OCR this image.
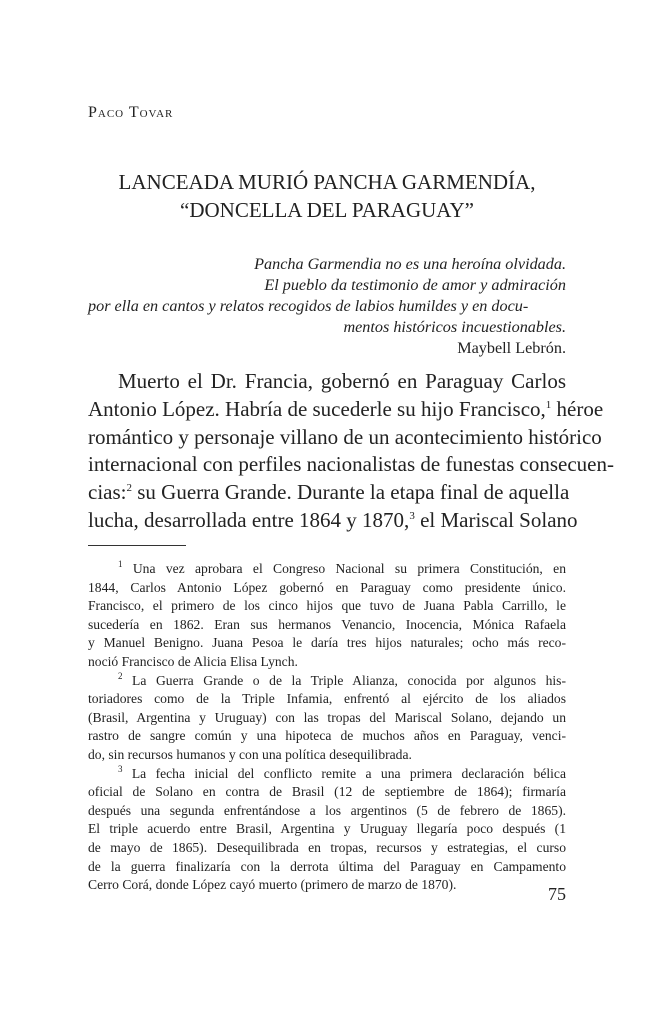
Paco Tovar
LANCEADA MURIÓ PANCHA GARMENDÍA,
“DONCELLA DEL PARAGUAY”
Pancha Garmendia no es una heroína olvidada.
El pueblo da testimonio de amor y admiración
por ella en cantos y relatos recogidos de labios humildes y en docu-
mentos históricos incuestionables.
Maybell Lebrón.
Muerto el Dr. Francia, gobernó en Paraguay Carlos
Antonio López. Habría de sucederle su hijo Francisco,$^1$ héroe
romántico y personaje villano de un acontecimiento histórico
internacional con perfiles nacionalistas de funestas consecuen-
cias:$^2$ su Guerra Grande. Durante la etapa final de aquella
lucha, desarrollada entre 1864 y 1870,$^3$ el Mariscal Solano
$^1$ Una vez aprobara el Congreso Nacional su primera Constitución, en
1844, Carlos Antonio López gobernó en Paraguay como presidente único.
Francisco, el primero de los cinco hijos que tuvo de Juana Pabla Carrillo, le
sucedería en 1862. Eran sus hermanos Venancio, Inocencia, Mónica Rafaela
y Manuel Benigno. Juana Pesoa le daría tres hijos naturales; ocho más reco-
noció Francisco de Alicia Elisa Lynch.
$^2$ La Guerra Grande o de la Triple Alianza, conocida por algunos his-
toriadores como de la Triple Infamia, enfrentó al ejército de los aliados
(Brasil, Argentina y Uruguay) con las tropas del Mariscal Solano, dejando un
rastro de sangre común y una hipoteca de muchos años en Paraguay, venci-
do, sin recursos humanos y con una política desequilibrada.
$^3$ La fecha inicial del conflicto remite a una primera declaración bélica
oficial de Solano en contra de Brasil (12 de septiembre de 1864); firmaría
después una segunda enfrentándose a los argentinos (5 de febrero de 1865).
El triple acuerdo entre Brasil, Argentina y Uruguay llegaría poco después (1
de mayo de 1865). Desequilibrada en tropas, recursos y estrategias, el curso
de la guerra finalizaría con la derrota última del Paraguay en Campamento
Cerro Corá, donde López cayó muerto (primero de marzo de 1870).	75
